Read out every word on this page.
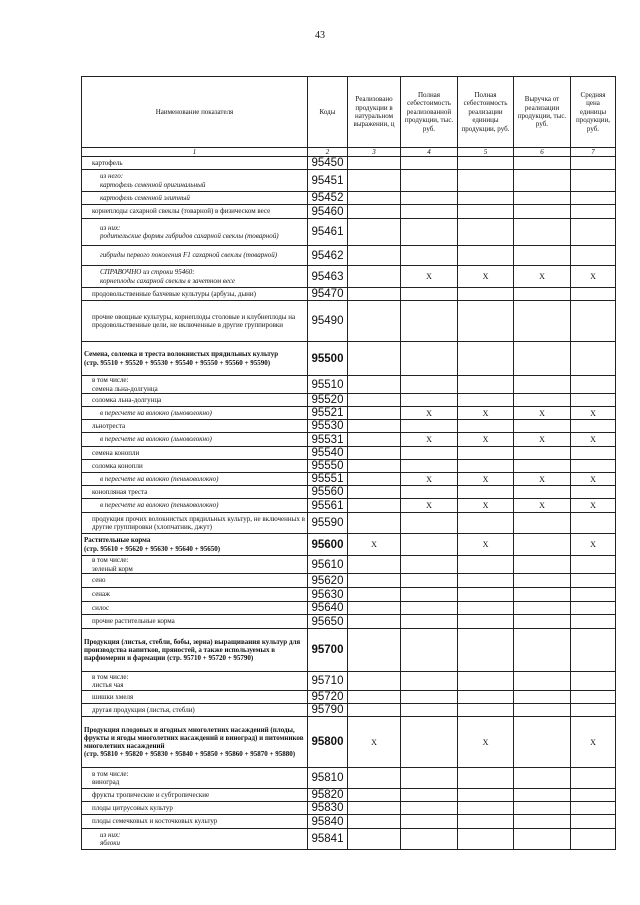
43
Наименование показателя	Коды	Реализовано продукции в натуральном выражении, ц	Полная себестоимость реализованной продукции, тыс. руб.	Полная себестоимость реализации единицы продукции, руб.	Выручка от реализации продукции, тыс. руб.	Средняя цена единицы продукции, руб.
1	2	3	4	5	6	7
картофель	95450					
из него:
картофель семенной оригинальный	95451					
картофель семенной элитный	95452					
корнеплоды сахарной свеклы (товарной) в физическом весе	95460					
из них:
родительские формы гибридов сахарной свеклы (товарной)	95461					
гибриды первого поколения F1 сахарной свеклы (товарной)	95462					
СПРАВОЧНО из строки 95460:
корнеплоды сахарной свеклы в зачетном весе	95463		X	X	X	X
продовольственные бахчевые культуры (арбузы, дыни)	95470					
прочие овощные культуры, корнеплоды столовые и клубнеплоды на продовольственные цели, не включенные в другие группировки	95490					
Семена, соломка и треста волокнистых прядильных культур
(стр. 95510 + 95520 + 95530 + 95540 + 95550 + 95560 + 95590)	95500					
в том числе:
семена льна-долгунца	95510					
соломка льна-долгунца	95520					
в пересчете на волокно (льноволокно)	95521		X	X	X	X
льнотреста	95530					
в пересчете на волокно (льноволокно)	95531		X	X	X	X
семена конопли	95540					
соломка конопли	95550					
в пересчете на волокно (пеньковолокно)	95551		X	X	X	X
конопляная треста	95560					
в пересчете на волокно (пеньковолокно)	95561		X	X	X	X
продукция прочих волокнистых прядильных культур, не включенных в другие группировки (хлопчатник, джут)	95590					
Растительные корма
(стр. 95610 + 95620 + 95630 + 95640 + 95650)	95600	X		X		X
в том числе:
зеленый корм	95610					
сено	95620					
сенаж	95630					
силос	95640					
прочие растительные корма	95650					
Продукция (листья, стебли, бобы, зерна) выращивания культур для производства напитков, пряностей, а также используемых в парфюмерии и фармации (стр. 95710 + 95720 + 95790)	95700					
в том числе:
листья чая	95710					
шишки хмеля	95720					
другая продукция (листья, стебли)	95790					
Продукция плодовых и ягодных многолетних насаждений (плоды, фрукты и ягоды многолетних насаждений и виноград) и питомников многолетних насаждений
(стр. 95810 + 95820 + 95830 + 95840 + 95850 + 95860 + 95870 + 95880)	95800	X		X		X
в том числе:
виноград	95810					
фрукты тропические и субтропические	95820					
плоды цитрусовых культур	95830					
плоды семечковых и косточковых культур	95840					
из них:
яблоки	95841					
